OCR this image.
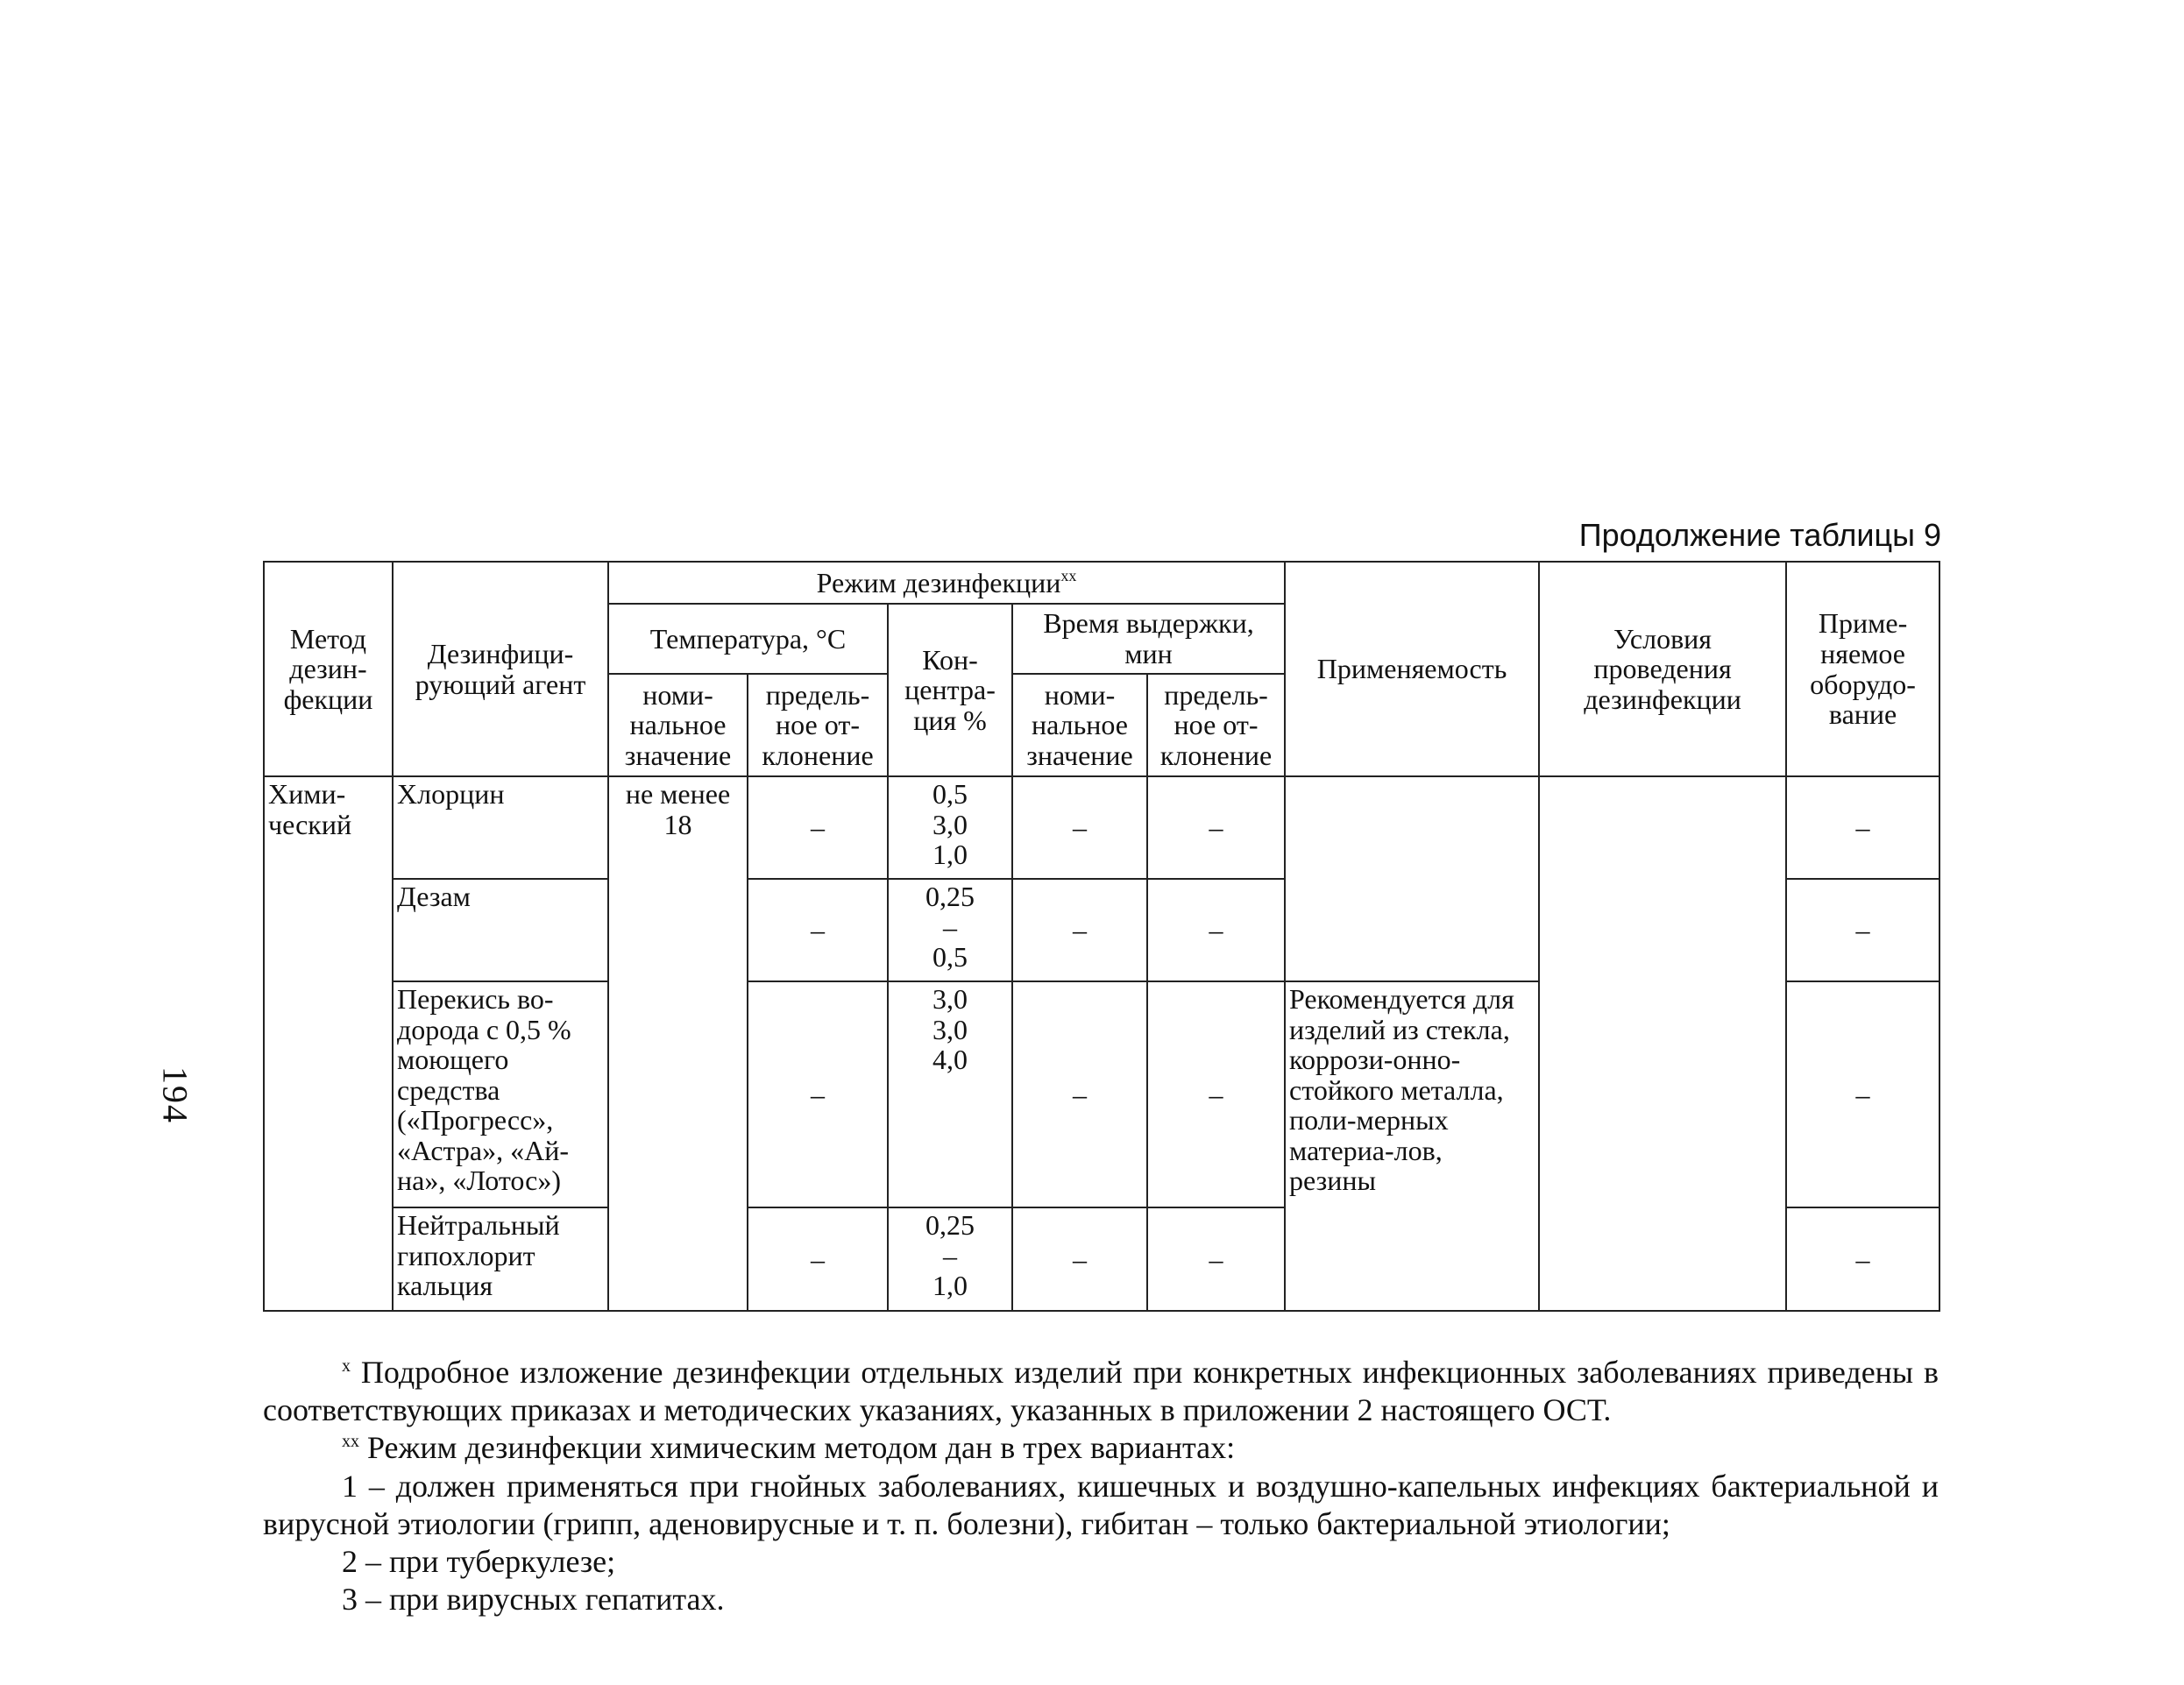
194
Продолжение таблицы 9
Метод дезин-фекции	Дезинфици-рующий агент	Режим дезинфекции$^{xx}$					Применяемость	Условия проведения дезинфекции	Приме-няемое оборудо-вание
		Температура, °С		Кон-центра-ция %	Время выдержки, мин				
		номи-нальное значение	предель-ное от-клонение		номи-нальное значение	предель-ное от-клонение			
Хими-ческий	Хлорцин	не менее 18	–	0,5
3,0
1,0	–	–			–
	Дезам		–	0,25
–
0,5	–	–			–
	Перекись во-дорода с 0,5 % моющего средства («Прогресс», «Астра», «Ай-на», «Лотос»)		–	3,0
3,0
4,0	–	–	Рекомендуется для изделий из стекла, коррози-онно-стойкого металла, поли-мерных материа-лов, резины		–
	Нейтральный гипохлорит кальция		–	0,25
–
1,0	–	–			–

$^x$ Подробное изложение дезинфекции отдельных изделий при конкретных инфекционных заболеваниях приведены в соответствующих приказах и методических указаниях, указанных в приложении 2 настоящего ОСТ.

$^{xx}$ Режим дезинфекции химическим методом дан в трех вариантах:

1 – должен применяться при гнойных заболеваниях, кишечных и воздушно-капельных инфекциях бактериальной и вирусной этиологии (грипп, аденовирусные и т. п. болезни), гибитан – только бактериальной этиологии;

2 – при туберкулезе;

3 – при вирусных гепатитах.
